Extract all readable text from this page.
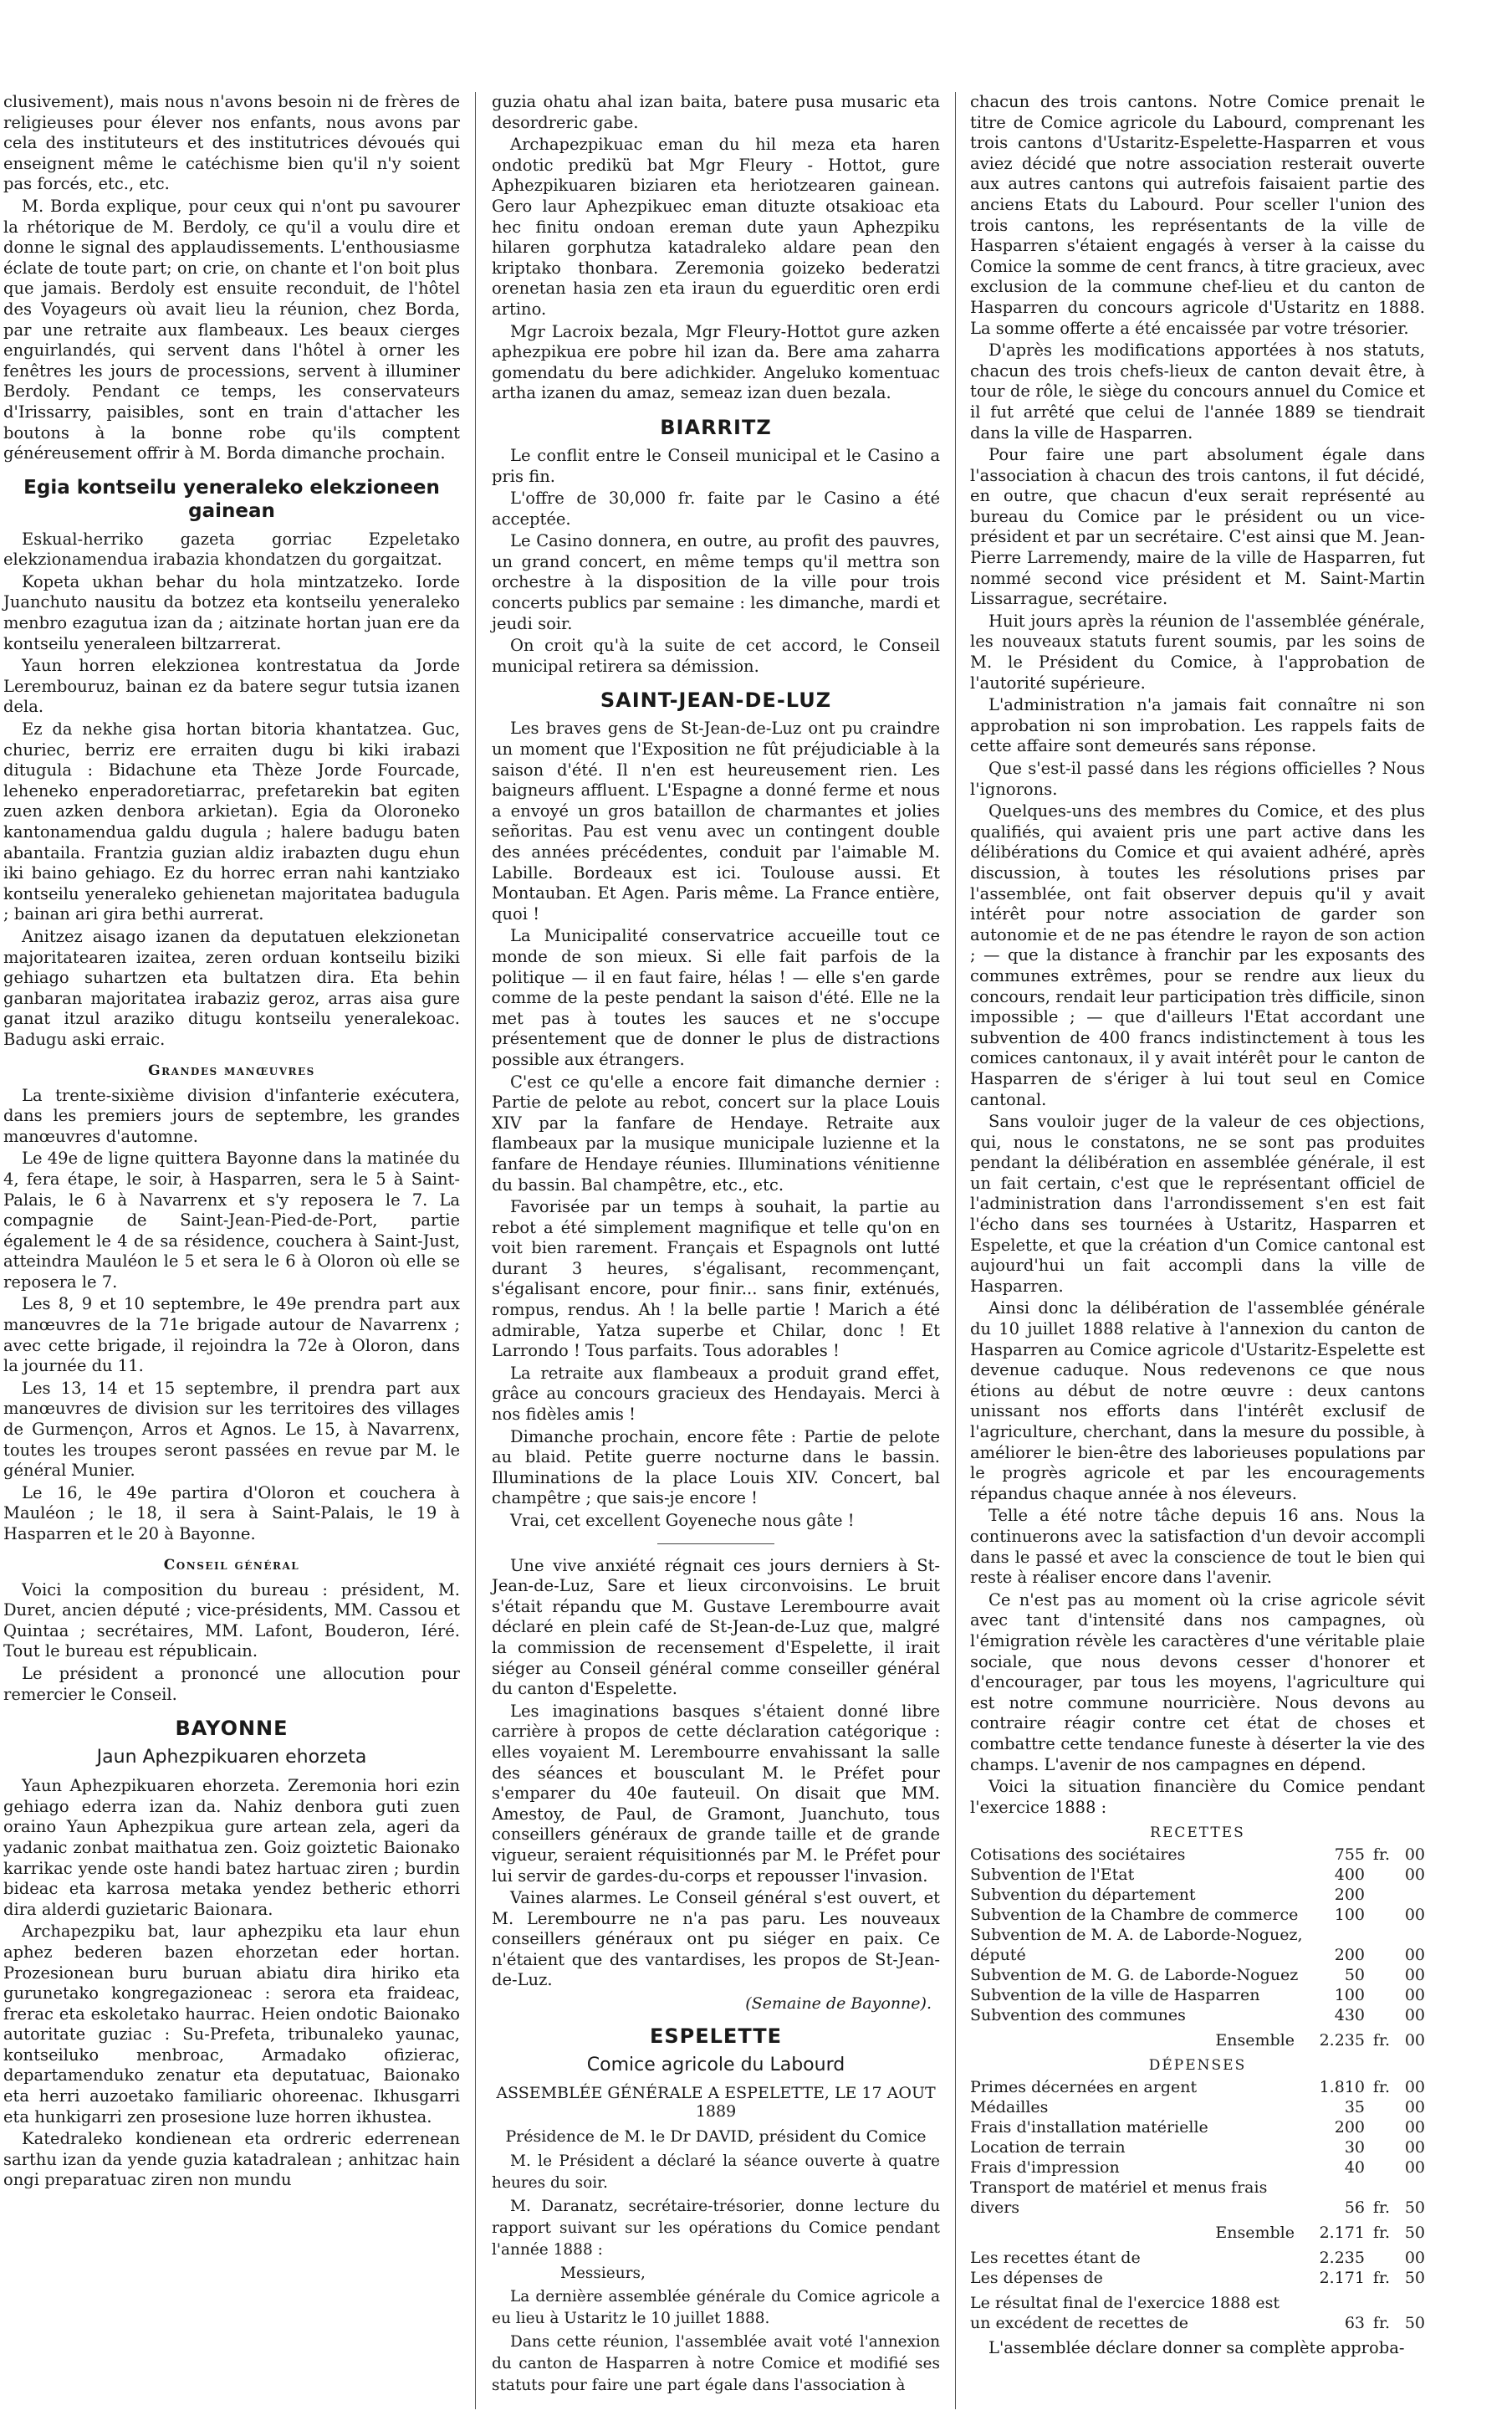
clusivement), mais nous n'avons besoin ni de frères de religieuses pour élever nos enfants, nous avons par cela des instituteurs et des institutrices dévoués qui enseignent même le catéchisme bien qu'il n'y soient pas forcés, etc., etc.

M. Borda explique, pour ceux qui n'ont pu savourer la rhétorique de M. Berdoly, ce qu'il a voulu dire et donne le signal des applaudissements. L'enthousiasme éclate de toute part; on crie, on chante et l'on boit plus que jamais. Berdoly est ensuite reconduit, de l'hôtel des Voyageurs où avait lieu la réunion, chez Borda, par une retraite aux flambeaux. Les beaux cierges enguirlandés, qui servent dans l'hôtel à orner les fenêtres les jours de processions, servent à illuminer Berdoly. Pendant ce temps, les conservateurs d'Irissarry, paisibles, sont en train d'attacher les boutons à la bonne robe qu'ils comptent généreusement offrir à M. Borda dimanche prochain.

Egia kontseilu yeneraleko elekzioneen gainean

Eskual-herriko gazeta gorriac Ezpeletako elekzionamendua irabazia khondatzen du gorgaitzat.

Kopeta ukhan behar du hola mintzatzeko. Iorde Juanchuto nausitu da botzez eta kontseilu yeneraleko menbro ezagutua izan da ; aitzinate hortan juan ere da kontseilu yeneraleen biltzarrerat.

Yaun horren elekzionea kontrestatua da Jorde Lerembouruz, bainan ez da batere segur tutsia izanen dela.

Ez da nekhe gisa hortan bitoria khantatzea. Guc, churiec, berriz ere erraiten dugu bi kiki irabazi ditugula : Bidachune eta Thèze Jorde Fourcade, leheneko enperadoretiarrac, prefetarekin bat egiten zuen azken denbora arkietan). Egia da Oloroneko kantonamendua galdu dugula ; halere badugu baten abantaila. Frantzia guzian aldiz irabazten dugu ehun iki baino gehiago. Ez du horrec erran nahi kantziako kontseilu yeneraleko gehienetan majoritatea badugula ; bainan ari gira bethi aurrerat.

Anitzez aisago izanen da deputatuen elekzionetan majoritatearen izaitea, zeren orduan kontseilu biziki gehiago suhartzen eta bultatzen dira. Eta behin ganbaran majoritatea irabaziz geroz, arras aisa gure ganat itzul araziko ditugu kontseilu yeneralekoac. Badugu aski erraic.

Grandes manœuvres

La trente-sixième division d'infanterie exécutera, dans les premiers jours de septembre, les grandes manœuvres d'automne.

Le 49e de ligne quittera Bayonne dans la matinée du 4, fera étape, le soir, à Hasparren, sera le 5 à Saint-Palais, le 6 à Navarrenx et s'y reposera le 7. La compagnie de Saint-Jean-Pied-de-Port, partie également le 4 de sa résidence, couchera à Saint-Just, atteindra Mauléon le 5 et sera le 6 à Oloron où elle se reposera le 7.

Les 8, 9 et 10 septembre, le 49e prendra part aux manœuvres de la 71e brigade autour de Navarrenx ; avec cette brigade, il rejoindra la 72e à Oloron, dans la journée du 11.

Les 13, 14 et 15 septembre, il prendra part aux manœuvres de division sur les territoires des villages de Gurmençon, Arros et Agnos. Le 15, à Navarrenx, toutes les troupes seront passées en revue par M. le général Munier.

Le 16, le 49e partira d'Oloron et couchera à Mauléon ; le 18, il sera à Saint-Palais, le 19 à Hasparren et le 20 à Bayonne.

Conseil général

Voici la composition du bureau : président, M. Duret, ancien député ; vice-présidents, MM. Cassou et Quintaa ; secrétaires, MM. Lafont, Bouderon, Iéré. Tout le bureau est républicain.

Le président a prononcé une allocution pour remercier le Conseil.

BAYONNE
Jaun Aphezpikuaren ehorzeta

Yaun Aphezpikuaren ehorzeta. Zeremonia hori ezin gehiago ederra izan da. Nahiz denbora guti zuen oraino Yaun Aphezpikua gure artean zela, ageri da yadanic zonbat maithatua zen. Goiz goiztetic Baionako karrikac yende oste handi batez hartuac ziren ; burdin bideac eta karrosa metaka yendez betheric ethorri dira alderdi guzietaric Baionara.

Archapezpiku bat, laur aphezpiku eta laur ehun aphez bederen bazen ehorzetan eder hortan. Prozesionean buru buruan abiatu dira hiriko eta gurunetako kongregazioneac : serora eta fraideac, frerac eta eskoletako haurrac. Heien ondotic Baionako autoritate guziac : Su-Prefeta, tribunaleko yaunac, kontseiluko menbroac, Armadako ofizierac, departamenduko zenatur eta deputatuac, Baionako eta herri auzoetako familiaric ohoreenac. Ikhusgarri eta hunkigarri zen prosesione luze horren ikhustea.

Katedraleko kondienean eta ordreric ederrenean sarthu izan da yende guzia katadralean ; anhitzac hain ongi preparatuac ziren non mundu

guzia ohatu ahal izan baita, batere pusa musaric eta desordreric gabe.

Archapezpikuac eman du hil meza eta haren ondotic predikü bat Mgr Fleury - Hottot, gure Aphezpikuaren biziaren eta heriotzearen gainean. Gero laur Aphezpikuec eman dituzte otsakioac eta hec finitu ondoan ereman dute yaun Aphezpiku hilaren gorphutza katadraleko aldare pean den kriptako thonbara. Zeremonia goizeko bederatzi orenetan hasia zen eta iraun du eguerditic oren erdi artino.

Mgr Lacroix bezala, Mgr Fleury-Hottot gure azken aphezpikua ere pobre hil izan da. Bere ama zaharra gomendatu du bere adichkider. Angeluko komentuac artha izanen du amaz, semeaz izan duen bezala.

BIARRITZ

Le conflit entre le Conseil municipal et le Casino a pris fin.

L'offre de 30,000 fr. faite par le Casino a été acceptée.

Le Casino donnera, en outre, au profit des pauvres, un grand concert, en même temps qu'il mettra son orchestre à la disposition de la ville pour trois concerts publics par semaine : les dimanche, mardi et jeudi soir.

On croit qu'à la suite de cet accord, le Conseil municipal retirera sa démission.

SAINT-JEAN-DE-LUZ

Les braves gens de St-Jean-de-Luz ont pu craindre un moment que l'Exposition ne fût préjudiciable à la saison d'été. Il n'en est heureusement rien. Les baigneurs affluent. L'Espagne a donné ferme et nous a envoyé un gros bataillon de charmantes et jolies señoritas. Pau est venu avec un contingent double des années précédentes, conduit par l'aimable M. Labille. Bordeaux est ici. Toulouse aussi. Et Montauban. Et Agen. Paris même. La France entière, quoi !

La Municipalité conservatrice accueille tout ce monde de son mieux. Si elle fait parfois de la politique — il en faut faire, hélas ! — elle s'en garde comme de la peste pendant la saison d'été. Elle ne la met pas à toutes les sauces et ne s'occupe présentement que de donner le plus de distractions possible aux étrangers.

C'est ce qu'elle a encore fait dimanche dernier : Partie de pelote au rebot, concert sur la place Louis XIV par la fanfare de Hendaye. Retraite aux flambeaux par la musique municipale luzienne et la fanfare de Hendaye réunies. Illuminations vénitienne du bassin. Bal champêtre, etc., etc.

Favorisée par un temps à souhait, la partie au rebot a été simplement magnifique et telle qu'on en voit bien rarement. Français et Espagnols ont lutté durant 3 heures, s'égalisant, recommençant, s'égalisant encore, pour finir... sans finir, exténués, rompus, rendus. Ah ! la belle partie ! Marich a été admirable, Yatza superbe et Chilar, donc ! Et Larrondo ! Tous parfaits. Tous adorables !

La retraite aux flambeaux a produit grand effet, grâce au concours gracieux des Hendayais. Merci à nos fidèles amis !

Dimanche prochain, encore fête : Partie de pelote au blaid. Petite guerre nocturne dans le bassin. Illuminations de la place Louis XIV. Concert, bal champêtre ; que sais-je encore !

Vrai, cet excellent Goyeneche nous gâte !

Une vive anxiété régnait ces jours derniers à St-Jean-de-Luz, Sare et lieux circonvoisins. Le bruit s'était répandu que M. Gustave Lerembourre avait déclaré en plein café de St-Jean-de-Luz que, malgré la commission de recensement d'Espelette, il irait siéger au Conseil général comme conseiller général du canton d'Espelette.

Les imaginations basques s'étaient donné libre carrière à propos de cette déclaration catégorique : elles voyaient M. Lerembourre envahissant la salle des séances et bousculant M. le Préfet pour s'emparer du 40e fauteuil. On disait que MM. Amestoy, de Paul, de Gramont, Juanchuto, tous conseillers généraux de grande taille et de grande vigueur, seraient réquisitionnés par M. le Préfet pour lui servir de gardes-du-corps et repousser l'invasion.

Vaines alarmes. Le Conseil général s'est ouvert, et M. Lerembourre ne n'a pas paru. Les nouveaux conseillers généraux ont pu siéger en paix. Ce n'étaient que des vantardises, les propos de St-Jean-de-Luz.

(Semaine de Bayonne).
ESPELETTE
Comice agricole du Labourd
ASSEMBLÉE GÉNÉRALE A ESPELETTE, LE 17 AOUT 1889
Présidence de M. le Dr DAVID, président du Comice

M. le Président a déclaré la séance ouverte à quatre heures du soir.

M. Daranatz, secrétaire-trésorier, donne lecture du rapport suivant sur les opérations du Comice pendant l'année 1888 :

Messieurs,

La dernière assemblée générale du Comice agricole a eu lieu à Ustaritz le 10 juillet 1888.

Dans cette réunion, l'assemblée avait voté l'annexion du canton de Hasparren à notre Comice et modifié ses statuts pour faire une part égale dans l'association à

chacun des trois cantons. Notre Comice prenait le titre de Comice agricole du Labourd, comprenant les trois cantons d'Ustaritz-Espelette-Hasparren et vous aviez décidé que notre association resterait ouverte aux autres cantons qui autrefois faisaient partie des anciens Etats du Labourd. Pour sceller l'union des trois cantons, les représentants de la ville de Hasparren s'étaient engagés à verser à la caisse du Comice la somme de cent francs, à titre gracieux, avec exclusion de la commune chef-lieu et du canton de Hasparren du concours agricole d'Ustaritz en 1888. La somme offerte a été encaissée par votre trésorier.

D'après les modifications apportées à nos statuts, chacun des trois chefs-lieux de canton devait être, à tour de rôle, le siège du concours annuel du Comice et il fut arrêté que celui de l'année 1889 se tiendrait dans la ville de Hasparren.

Pour faire une part absolument égale dans l'association à chacun des trois cantons, il fut décidé, en outre, que chacun d'eux serait représenté au bureau du Comice par le président ou un vice-président et par un secrétaire. C'est ainsi que M. Jean-Pierre Larremendy, maire de la ville de Hasparren, fut nommé second vice président et M. Saint-Martin Lissarrague, secrétaire.

Huit jours après la réunion de l'assemblée générale, les nouveaux statuts furent soumis, par les soins de M. le Président du Comice, à l'approbation de l'autorité supérieure.

L'administration n'a jamais fait connaître ni son approbation ni son improbation. Les rappels faits de cette affaire sont demeurés sans réponse.

Que s'est-il passé dans les régions officielles ? Nous l'ignorons.

Quelques-uns des membres du Comice, et des plus qualifiés, qui avaient pris une part active dans les délibérations du Comice et qui avaient adhéré, après discussion, à toutes les résolutions prises par l'assemblée, ont fait observer depuis qu'il y avait intérêt pour notre association de garder son autonomie et de ne pas étendre le rayon de son action ; — que la distance à franchir par les exposants des communes extrêmes, pour se rendre aux lieux du concours, rendait leur participation très difficile, sinon impossible ; — que d'ailleurs l'Etat accordant une subvention de 400 francs indistinctement à tous les comices cantonaux, il y avait intérêt pour le canton de Hasparren de s'ériger à lui tout seul en Comice cantonal.

Sans vouloir juger de la valeur de ces objections, qui, nous le constatons, ne se sont pas produites pendant la délibération en assemblée générale, il est un fait certain, c'est que le représentant officiel de l'administration dans l'arrondissement s'en est fait l'écho dans ses tournées à Ustaritz, Hasparren et Espelette, et que la création d'un Comice cantonal est aujourd'hui un fait accompli dans la ville de Hasparren.

Ainsi donc la délibération de l'assemblée générale du 10 juillet 1888 relative à l'annexion du canton de Hasparren au Comice agricole d'Ustaritz-Espelette est devenue caduque. Nous redevenons ce que nous étions au début de notre œuvre : deux cantons unissant nos efforts dans l'intérêt exclusif de l'agriculture, cherchant, dans la mesure du possible, à améliorer le bien-être des laborieuses populations par le progrès agricole et par les encouragements répandus chaque année à nos éleveurs.

Telle a été notre tâche depuis 16 ans. Nous la continuerons avec la satisfaction d'un devoir accompli dans le passé et avec la conscience de tout le bien qui reste à réaliser encore dans l'avenir.

Ce n'est pas au moment où la crise agricole sévit avec tant d'intensité dans nos campagnes, où l'émigration révèle les caractères d'une véritable plaie sociale, que nous devons cesser d'honorer et d'encourager, par tous les moyens, l'agriculture qui est notre commune nourricière. Nous devons au contraire réagir contre cet état de choses et combattre cette tendance funeste à déserter la vie des champs. L'avenir de nos campagnes en dépend.

Voici la situation financière du Comice pendant l'exercice 1888 :

RECETTES
Cotisations des sociétaires	755 fr. 00
Subvention de l'Etat	400	00
Subvention du département	200
Subvention de la Chambre de commerce	100	00
Subvention de M. A. de Laborde-Noguez, député	200	00
Subvention de M. G. de Laborde-Noguez	50	00
Subvention de la ville de Hasparren	100	00
Subvention des communes	430	00
Ensemble	2.235 fr. 00
DÉPENSES
Primes décernées en argent	1.810 fr. 00
Médailles	35	00
Frais d'installation matérielle	200	00
Location de terrain	30	00
Frais d'impression	40	00
Transport de matériel et menus frais divers	56 fr. 50
Ensemble	2.171 fr. 50
Les recettes étant de	2.235	00
Les dépenses de	2.171 fr. 50
Le résultat final de l'exercice 1888 est un excédent de recettes de	63 fr. 50

L'assemblée déclare donner sa complète approba-
